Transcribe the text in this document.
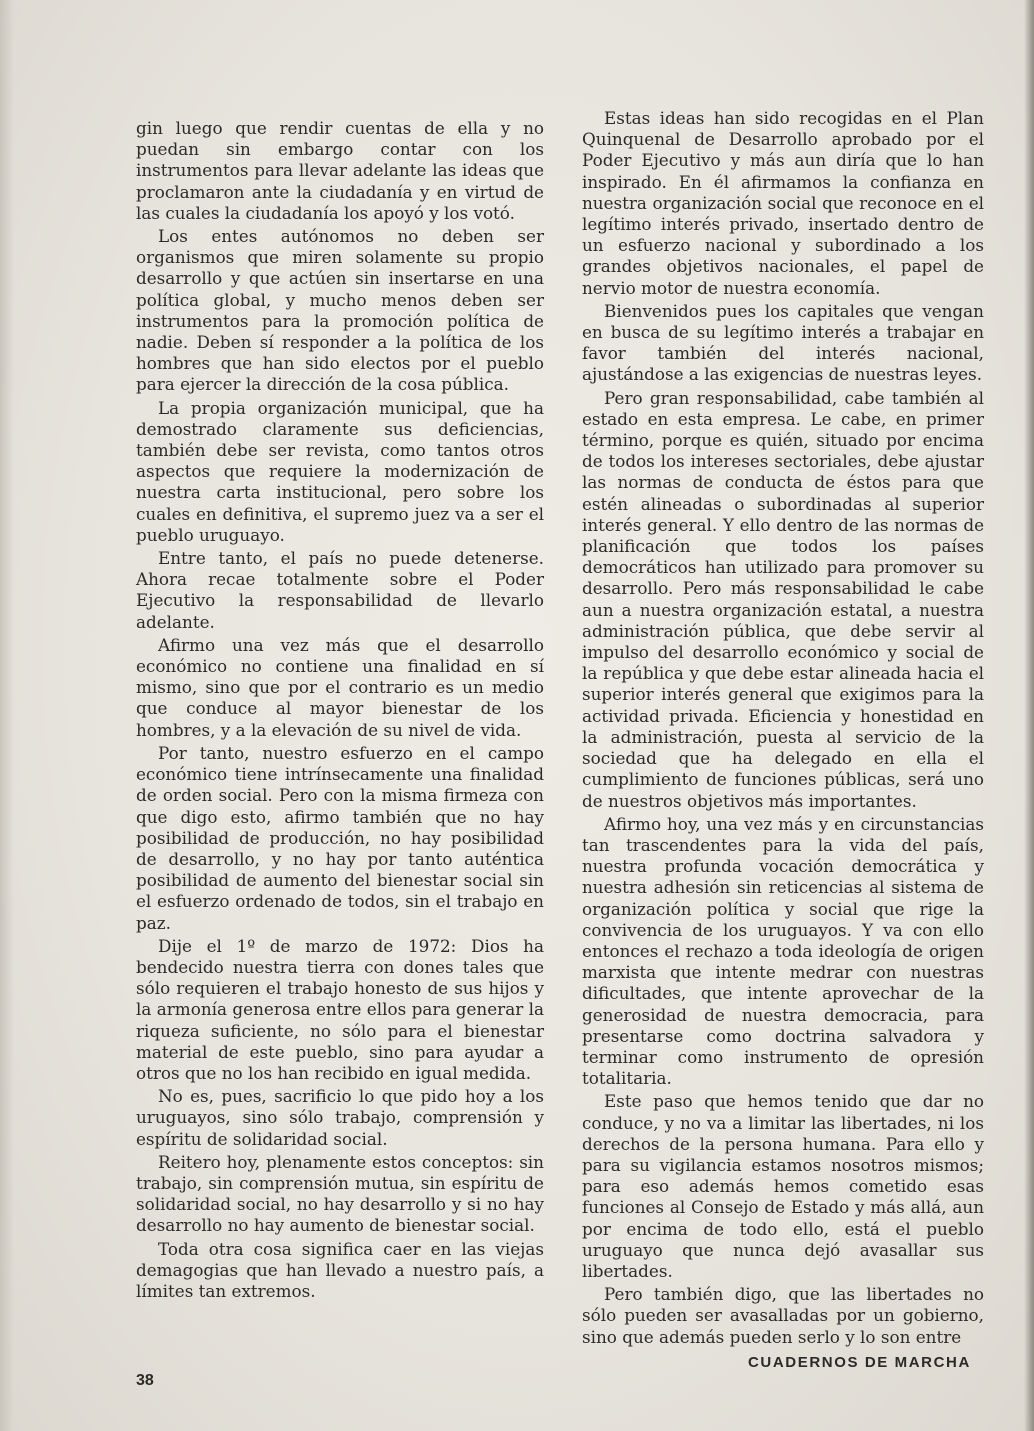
gin luego que rendir cuentas de ella y no puedan sin embargo contar con los instrumentos para llevar adelante las ideas que proclamaron ante la ciudadanía y en virtud de las cuales la ciudadanía los apoyó y los votó.

Los entes autónomos no deben ser organismos que miren solamente su propio desarrollo y que actúen sin insertarse en una política global, y mucho menos deben ser instrumentos para la promoción política de nadie. Deben sí responder a la política de los hombres que han sido electos por el pueblo para ejercer la dirección de la cosa pública.

La propia organización municipal, que ha demostrado claramente sus deficiencias, también debe ser revista, como tantos otros aspectos que requiere la modernización de nuestra carta institucional, pero sobre los cuales en definitiva, el supremo juez va a ser el pueblo uruguayo.

Entre tanto, el país no puede detenerse. Ahora recae totalmente sobre el Poder Ejecutivo la responsabilidad de llevarlo adelante.

Afirmo una vez más que el desarrollo económico no contiene una finalidad en sí mismo, sino que por el contrario es un medio que conduce al mayor bienestar de los hombres, y a la elevación de su nivel de vida.

Por tanto, nuestro esfuerzo en el campo económico tiene intrínsecamente una finalidad de orden social. Pero con la misma firmeza con que digo esto, afirmo también que no hay posibilidad de producción, no hay posibilidad de desarrollo, y no hay por tanto auténtica posibilidad de aumento del bienestar social sin el esfuerzo ordenado de todos, sin el trabajo en paz.

Dije el 1º de marzo de 1972: Dios ha bendecido nuestra tierra con dones tales que sólo requieren el trabajo honesto de sus hijos y la armonía generosa entre ellos para generar la riqueza suficiente, no sólo para el bienestar material de este pueblo, sino para ayudar a otros que no los han recibido en igual medida.

No es, pues, sacrificio lo que pido hoy a los uruguayos, sino sólo trabajo, comprensión y espíritu de solidaridad social.

Reitero hoy, plenamente estos conceptos: sin trabajo, sin comprensión mutua, sin espíritu de solidaridad social, no hay desarrollo y si no hay desarrollo no hay aumento de bienestar social.

Toda otra cosa significa caer en las viejas demagogias que han llevado a nuestro país, a límites tan extremos.

Estas ideas han sido recogidas en el Plan Quinquenal de Desarrollo aprobado por el Poder Ejecutivo y más aun diría que lo han inspirado. En él afirmamos la confianza en nuestra organización social que reconoce en el legítimo interés privado, insertado dentro de un esfuerzo nacional y subordinado a los grandes objetivos nacionales, el papel de nervio motor de nuestra economía.

Bienvenidos pues los capitales que vengan en busca de su legítimo interés a trabajar en favor también del interés nacional, ajustándose a las exigencias de nuestras leyes.

Pero gran responsabilidad, cabe también al estado en esta empresa. Le cabe, en primer término, porque es quién, situado por encima de todos los intereses sectoriales, debe ajustar las normas de conducta de éstos para que estén alineadas o subordinadas al superior interés general. Y ello dentro de las normas de planificación que todos los países democráticos han utilizado para promover su desarrollo. Pero más responsabilidad le cabe aun a nuestra organización estatal, a nuestra administración pública, que debe servir al impulso del desarrollo económico y social de la república y que debe estar alineada hacia el superior interés general que exigimos para la actividad privada. Eficiencia y honestidad en la administración, puesta al servicio de la sociedad que ha delegado en ella el cumplimiento de funciones públicas, será uno de nuestros objetivos más importantes.

Afirmo hoy, una vez más y en circunstancias tan trascendentes para la vida del país, nuestra profunda vocación democrática y nuestra adhesión sin reticencias al sistema de organización política y social que rige la convivencia de los uruguayos. Y va con ello entonces el rechazo a toda ideología de origen marxista que intente medrar con nuestras dificultades, que intente aprovechar de la generosidad de nuestra democracia, para presentarse como doctrina salvadora y terminar como instrumento de opresión totalitaria.

Este paso que hemos tenido que dar no conduce, y no va a limitar las libertades, ni los derechos de la persona humana. Para ello y para su vigilancia estamos nosotros mismos; para eso además hemos cometido esas funciones al Consejo de Estado y más allá, aun por encima de todo ello, está el pueblo uruguayo que nunca dejó avasallar sus libertades.

Pero también digo, que las libertades no sólo pueden ser avasalladas por un gobierno, sino que además pueden serlo y lo son entre

38
CUADERNOS DE MARCHA
